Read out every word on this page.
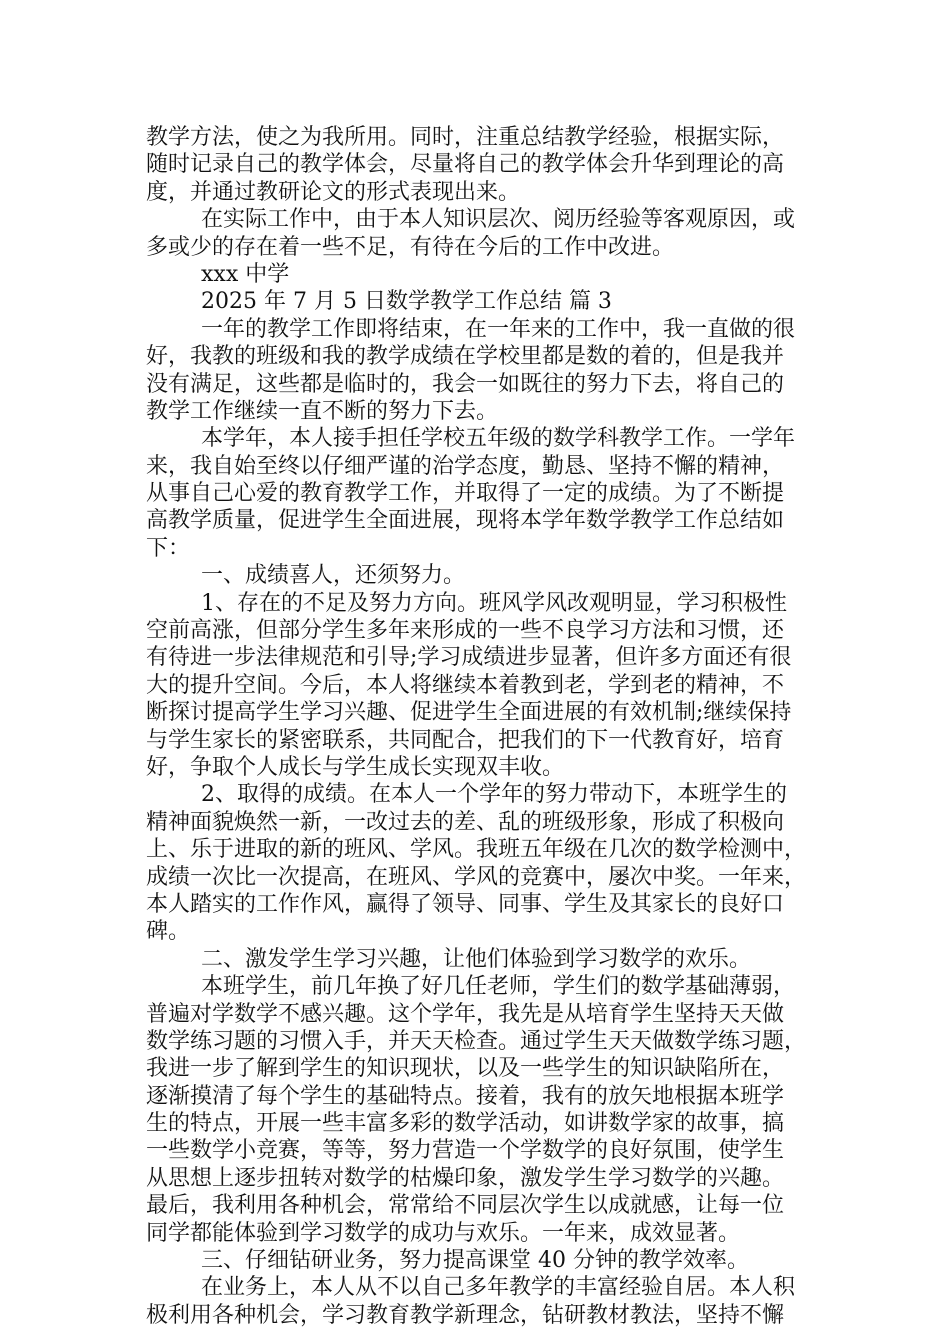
教学方法，使之为我所用。同时，注重总结教学经验，根据实际，
随时记录自己的教学体会，尽量将自己的教学体会升华到理论的高
度，并通过教研论文的形式表现出来。
在实际工作中，由于本人知识层次、阅历经验等客观原因，或
多或少的存在着一些不足，有待在今后的工作中改进。
xxx 中学
2025 年 7 月 5 日数学教学工作总结 篇 3
一年的教学工作即将结束，在一年来的工作中，我一直做的很
好，我教的班级和我的教学成绩在学校里都是数的着的，但是我并
没有满足，这些都是临时的，我会一如既往的努力下去，将自己的
教学工作继续一直不断的努力下去。
本学年，本人接手担任学校五年级的数学科教学工作。一学年
来，我自始至终以仔细严谨的治学态度，勤恳、坚持不懈的精神，
从事自己心爱的教育教学工作，并取得了一定的成绩。为了不断提
高教学质量，促进学生全面进展，现将本学年数学教学工作总结如
下：
一、成绩喜人，还须努力。
1、存在的不足及努力方向。班风学风改观明显，学习积极性
空前高涨，但部分学生多年来形成的一些不良学习方法和习惯，还
有待进一步法律规范和引导;学习成绩进步显著，但许多方面还有很
大的提升空间。今后，本人将继续本着教到老，学到老的精神，不
断探讨提高学生学习兴趣、促进学生全面进展的有效机制;继续保持
与学生家长的紧密联系，共同配合，把我们的下一代教育好，培育
好，争取个人成长与学生成长实现双丰收。
2、取得的成绩。在本人一个学年的努力带动下，本班学生的
精神面貌焕然一新，一改过去的差、乱的班级形象，形成了积极向
上、乐于进取的新的班风、学风。我班五年级在几次的数学检测中，
成绩一次比一次提高，在班风、学风的竞赛中，屡次中奖。一年来，
本人踏实的工作作风，赢得了领导、同事、学生及其家长的良好口
碑。
二、激发学生学习兴趣，让他们体验到学习数学的欢乐。
本班学生，前几年换了好几任老师，学生们的数学基础薄弱，
普遍对学数学不感兴趣。这个学年，我先是从培育学生坚持天天做
数学练习题的习惯入手，并天天检查。通过学生天天做数学练习题，
我进一步了解到学生的知识现状，以及一些学生的知识缺陷所在，
逐渐摸清了每个学生的基础特点。接着，我有的放矢地根据本班学
生的特点，开展一些丰富多彩的数学活动，如讲数学家的故事，搞
一些数学小竞赛，等等，努力营造一个学数学的良好氛围，使学生
从思想上逐步扭转对数学的枯燥印象，激发学生学习数学的兴趣。
最后，我利用各种机会，常常给不同层次学生以成就感，让每一位
同学都能体验到学习数学的成功与欢乐。一年来，成效显著。
三、仔细钻研业务，努力提高课堂 40 分钟的教学效率。
在业务上，本人从不以自己多年教学的丰富经验自居。本人积
极利用各种机会，学习教育教学新理念，钻研教材教法，坚持不懈
